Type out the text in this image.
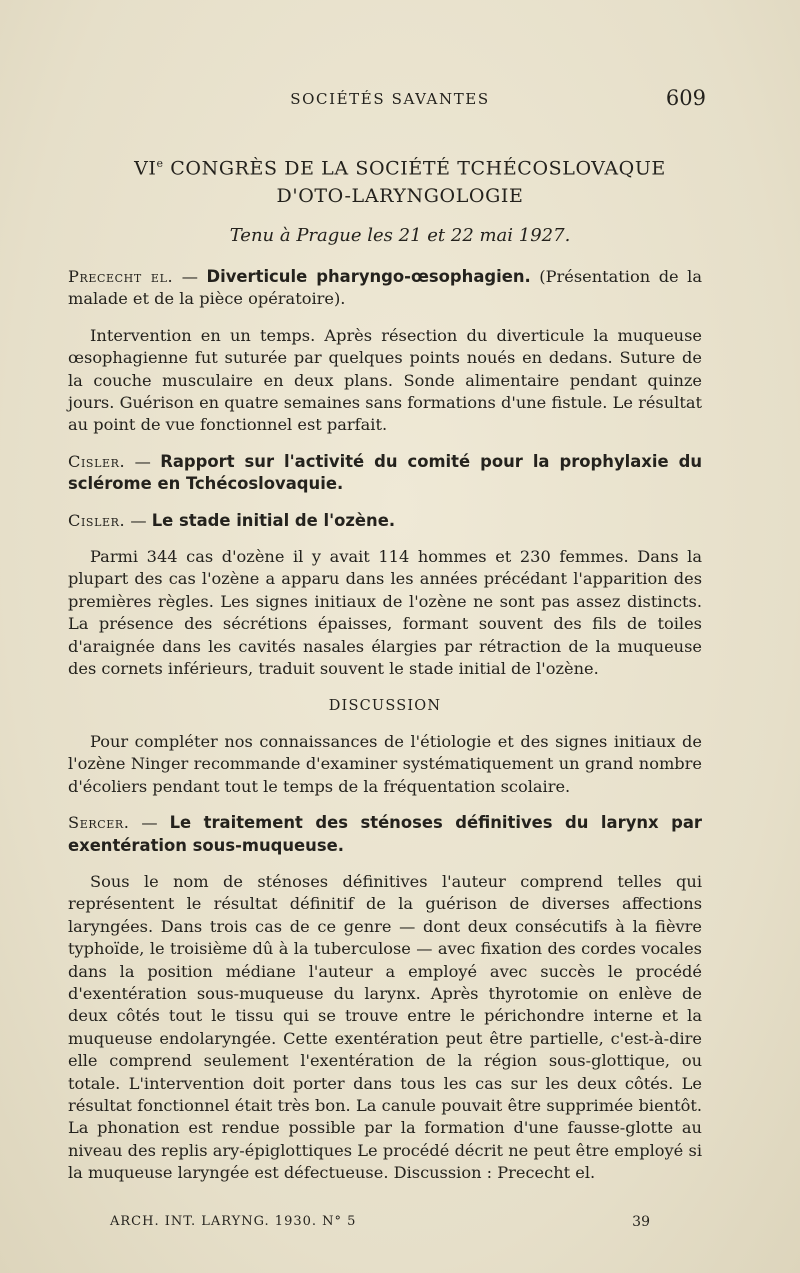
SOCIÉTÉS SAVANTES	609
VIe CONGRÈS DE LA SOCIÉTÉ TCHÉCOSLOVAQUE
D'OTO-LARYNGOLOGIE
Tenu à Prague les 21 et 22 mai 1927.
Prececht el. — Diverticule pharyngo-œsophagien. (Présentation de la malade et de la pièce opératoire).

Intervention en un temps. Après résection du diverticule la muqueuse œsophagienne fut suturée par quelques points noués en dedans. Suture de la couche musculaire en deux plans. Sonde alimentaire pendant quinze jours. Guérison en quatre semaines sans formations d'une fistule. Le résultat au point de vue fonctionnel est parfait.

Cisler. — Rapport sur l'activité du comité pour la prophylaxie du sclérome en Tchécoslovaquie.
Cisler. — Le stade initial de l'ozène.

Parmi 344 cas d'ozène il y avait 114 hommes et 230 femmes. Dans la plupart des cas l'ozène a apparu dans les années précédant l'apparition des premières règles. Les signes initiaux de l'ozène ne sont pas assez distincts. La présence des sécrétions épaisses, formant souvent des fils de toiles d'araignée dans les cavités nasales élargies par rétraction de la muqueuse des cornets inférieurs, traduit souvent le stade initial de l'ozène.

DISCUSSION

Pour compléter nos connaissances de l'étiologie et des signes initiaux de l'ozène Ninger recommande d'examiner systématiquement un grand nombre d'écoliers pendant tout le temps de la fréquentation scolaire.

Sercer. — Le traitement des sténoses définitives du larynx par exentération sous-muqueuse.

Sous le nom de sténoses définitives l'auteur comprend telles qui représentent le résultat définitif de la guérison de diverses affections laryngées. Dans trois cas de ce genre — dont deux consécutifs à la fièvre typhoïde, le troisième dû à la tuberculose — avec fixation des cordes vocales dans la position médiane l'auteur a employé avec succès le procédé d'exentération sous-muqueuse du larynx. Après thyrotomie on enlève de deux côtés tout le tissu qui se trouve entre le périchondre interne et la muqueuse endolaryngée. Cette exentération peut être partielle, c'est-à-dire elle comprend seulement l'exentération de la région sous-glottique, ou totale. L'intervention doit porter dans tous les cas sur les deux côtés. Le résultat fonctionnel était très bon. La canule pouvait être supprimée bientôt. La phonation est rendue possible par la formation d'une fausse-glotte au niveau des replis ary-épiglottiques Le procédé décrit ne peut être employé si la muqueuse laryngée est défectueuse. Discussion : Prececht el.

ARCH. INT. LARYNG. 1930. N° 5	39
